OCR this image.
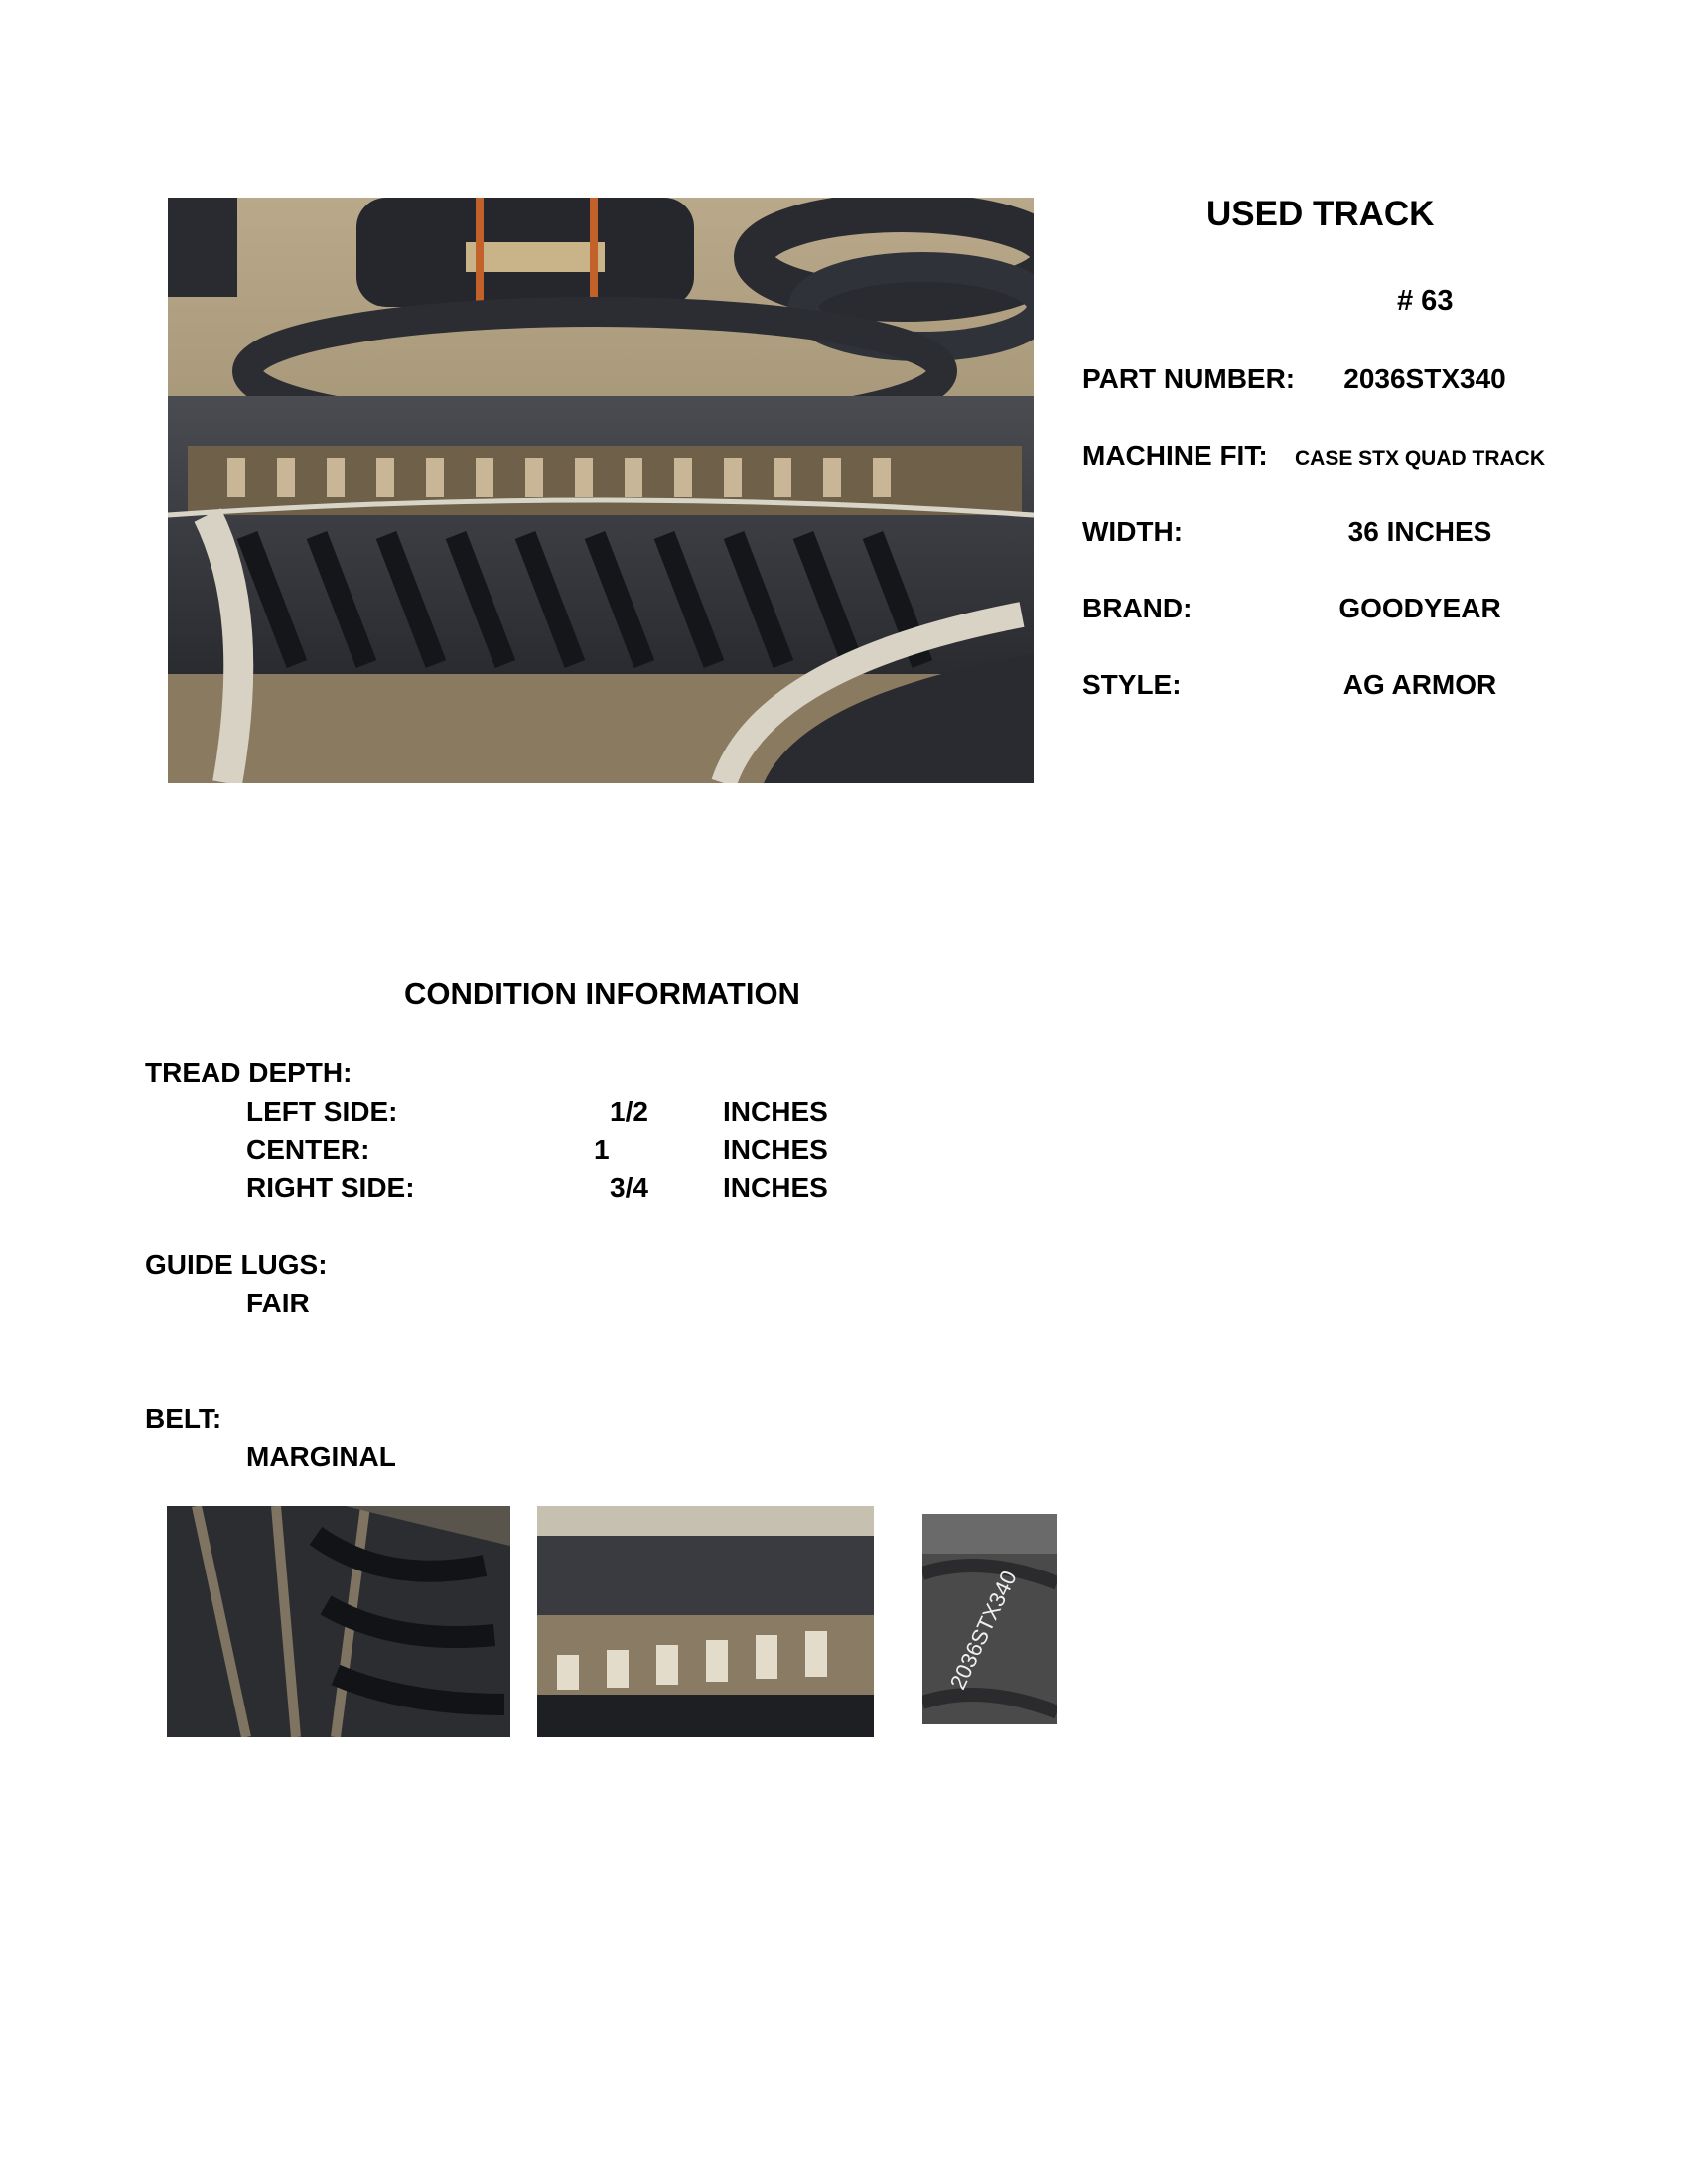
USED TRACK
# 63
PART NUMBER:	2036STX340
MACHINE FIT:	CASE STX QUAD TRACK
WIDTH:	36 INCHES
BRAND:	GOODYEAR
STYLE:	AG ARMOR
CONDITION INFORMATION
TREAD DEPTH:
LEFT SIDE:	1/2	INCHES
CENTER:	1	INCHES
RIGHT SIDE:	3/4	INCHES
GUIDE LUGS:
FAIR
BELT:
MARGINAL
2036STX340
